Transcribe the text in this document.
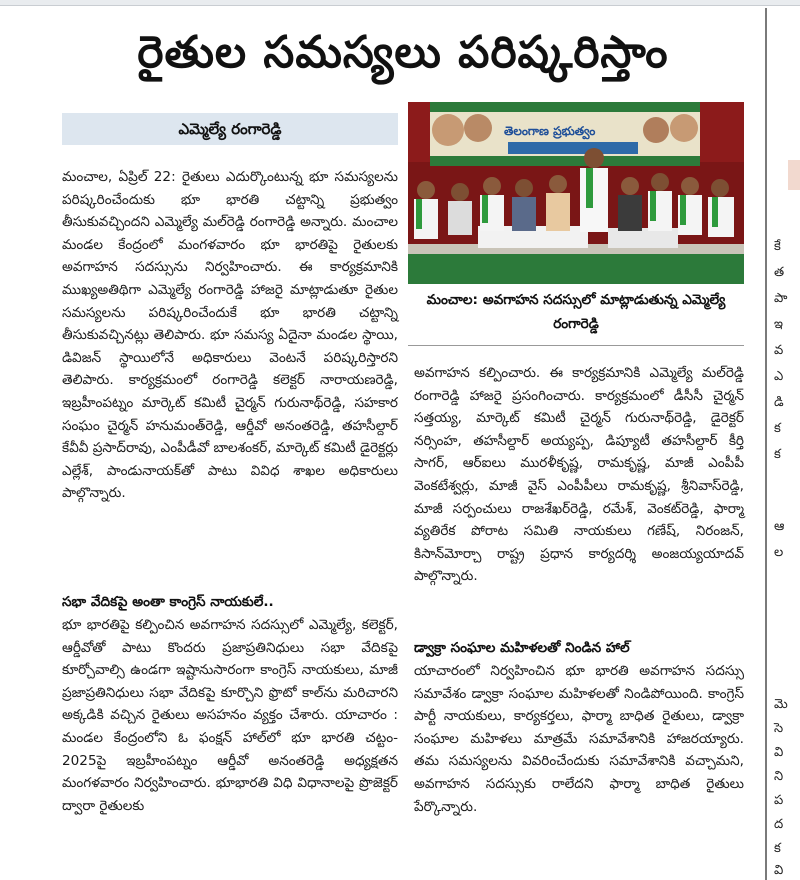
రైతుల సమస్యలు పరిష్కరిస్తాం
ఎమ్మెల్యే రంగారెడ్డి	తెలంగాణ ప్రభుత్వం
మంచాల: అవగాహన సదస్సులో మాట్లాడుతున్న ఎమ్మెల్యే రంగారెడ్డి

మంచాల, ఏప్రిల్ 22: రైతులు ఎదుర్కొంటున్న భూ సమస్యలను పరిష్కరించేందుకు భూ భారతి చట్టాన్ని ప్రభుత్వం తీసుకువచ్చిందని ఎమ్మెల్యే మల్‌రెడ్డి రంగారెడ్డి అన్నారు. మంచాల మండల కేంద్రంలో మంగళవారం భూ భారతిపై రైతులకు అవగాహన సదస్సును నిర్వహించారు. ఈ కార్యక్రమానికి ముఖ్యఅతిథిగా ఎమ్మెల్యే రంగారెడ్డి హాజరై మాట్లాడుతూ రైతుల సమస్యలను పరిష్కరించేందుకే భూ భారతి చట్టాన్ని తీసుకువచ్చినట్లు తెలిపారు. భూ సమస్య ఏదైనా మండల స్థాయి, డివిజన్ స్థాయిలోనే అధికారులు వెంటనే పరిష్కరిస్తారని తెలిపారు. కార్యక్రమంలో రంగారెడ్డి కలెక్టర్ నారాయణరెడ్డి, ఇబ్రహీంపట్నం మార్కెట్ కమిటీ చైర్మన్ గురునాథ్‌రెడ్డి, సహకార సంఘం చైర్మన్ హనుమంత్‌రెడ్డి, ఆర్డీవో అనంతరెడ్డి, తహసీల్దార్ కేవీవీ ప్రసాద్‌రావు, ఎంపీడీవో బాలశంకర్, మార్కెట్ కమిటీ డైరెక్టర్లు ఎల్లేశ్, పాండునాయక్‌తో పాటు వివిధ శాఖల అధికారులు పాల్గొన్నారు.

సభా వేదికపై అంతా కాంగ్రెస్ నాయకులే..

భూ భారతిపై కల్పించిన అవగాహన సదస్సులో ఎమ్మెల్యే, కలెక్టర్, ఆర్డీవోతో పాటు కొందరు ప్రజాప్రతినిధులు సభా వేదికపై కూర్చోవాల్సి ఉండగా ఇష్టానుసారంగా కాంగ్రెస్ నాయకులు, మాజీ ప్రజాప్రతినిధులు సభా వేదికపై కూర్చొని ఫ్రొటో కాల్‌ను మరిచారని అక్కడికి వచ్చిన రైతులు అసహనం వ్యక్తం చేశారు. యాచారం : మండల కేంద్రంలోని ఓ ఫంక్షన్ హాల్‌లో భూ భారతి చట్టం- 2025పై ఇబ్రహీంపట్నం ఆర్డీవో అనంతరెడ్డి అధ్యక్షతన మంగళవారం నిర్వహించారు. భూభారతి విధి విధానాలపై ప్రొజెక్టర్ ద్వారా రైతులకు

అవగాహన కల్పించారు. ఈ కార్యక్రమానికి ఎమ్మెల్యే మల్‌రెడ్డి రంగారెడ్డి హాజరై ప్రసంగించారు. కార్యక్రమంలో డీసీసీ చైర్మన్ సత్తయ్య, మార్కెట్ కమిటీ చైర్మన్ గురునాథ్‌రెడ్డి, డైరెక్టర్ నర్సింహ, తహసీల్దార్ అయ్యప్ప, డిప్యూటీ తహసీల్దార్ కీర్తి సాగర్, ఆర్‌ఐలు మురళీకృష్ణ, రామకృష్ణ, మాజీ ఎంపీపీ వెంకటేశ్వర్లు, మాజీ వైస్ ఎంపీపీలు రామకృష్ణ, శ్రీనివాస్‌రెడ్డి, మాజీ సర్పంచులు రాజశేఖర్‌రెడ్డి, రమేశ్, వెంకట్‌రెడ్డి, ఫార్మా వ్యతిరేక పోరాట సమితి నాయకులు గణేష్, నిరంజన్, కిసాన్‌మోర్చా రాష్ట్ర ప్రధాన కార్యదర్శి అంజయ్యయాదవ్ పాల్గొన్నారు.

డ్వాక్రా సంఘాల మహిళలతో నిండిన హాల్

యాచారంలో నిర్వహించిన భూ భారతి అవగాహన సదస్సు సమావేశం డ్వాక్రా సంఘాల మహిళలతో నిండిపోయింది. కాంగ్రెస్ పార్టీ నాయకులు, కార్యకర్తలు, ఫార్మా బాధిత రైతులు, డ్వాక్రా సంఘాల మహిళలు మాత్రమే సమావేశానికి హాజరయ్యారు. తమ సమస్యలను వివరించేందుకు సమావేశానికి వచ్చామని, అవగాహన సదస్సుకు రాలేదని ఫార్మా బాధిత రైతులు పేర్కొన్నారు.

కే
త
పా
ఇ
వ
ఎ
డి
క
క
ఆ
ల
మె
సె
వి
ని
ప
ద
క
వి
